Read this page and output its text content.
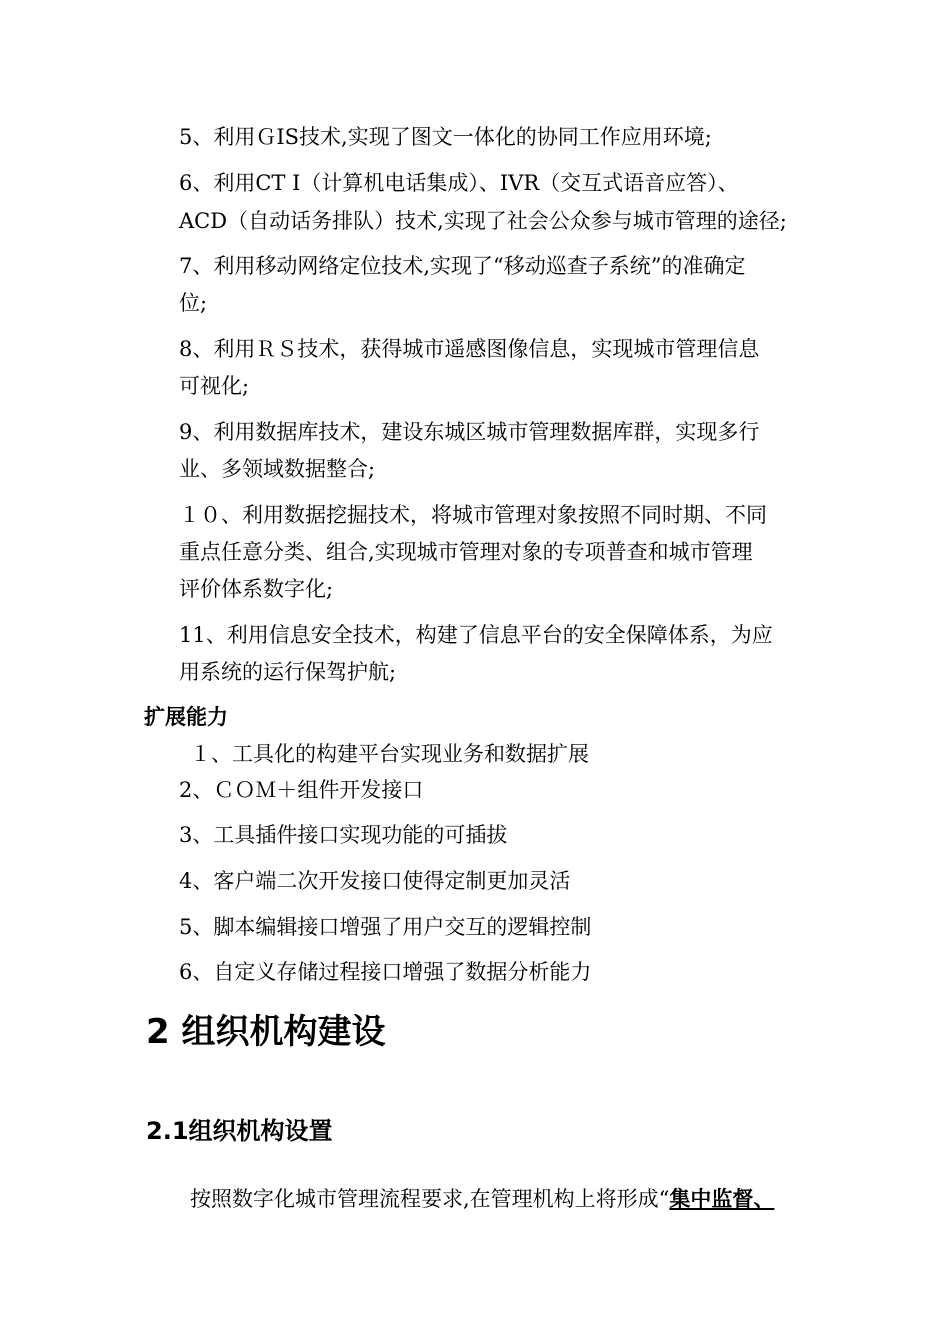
5、利用ＧIS技术,实现了图文一体化的协同工作应用环境;
6、利用CT I（计算机电话集成）、IVR（交互式语音应答）、
ACD（自动话务排队）技术,实现了社会公众参与城市管理的途径;
7、利用移动网络定位技术,实现了“移动巡查子系统”的准确定
位;
8、利用ＲＳ技术，获得城市遥感图像信息，实现城市管理信息
可视化;
9、利用数据库技术，建设东城区城市管理数据库群，实现多行
业、多领域数据整合;
１０、利用数据挖掘技术，将城市管理对象按照不同时期、不同
重点任意分类、组合,实现城市管理对象的专项普查和城市管理
评价体系数字化;
11、利用信息安全技术，构建了信息平台的安全保障体系，为应
用系统的运行保驾护航;
扩展能力
１、工具化的构建平台实现业务和数据扩展
2、ＣＯＭ＋组件开发接口
3、工具插件接口实现功能的可插拔
4、客户端二次开发接口使得定制更加灵活
5、脚本编辑接口增强了用户交互的逻辑控制
6、自定义存储过程接口增强了数据分析能力
2 组织机构建设
2.1组织机构设置
按照数字化城市管理流程要求,在管理机构上将形成“集中监督、
